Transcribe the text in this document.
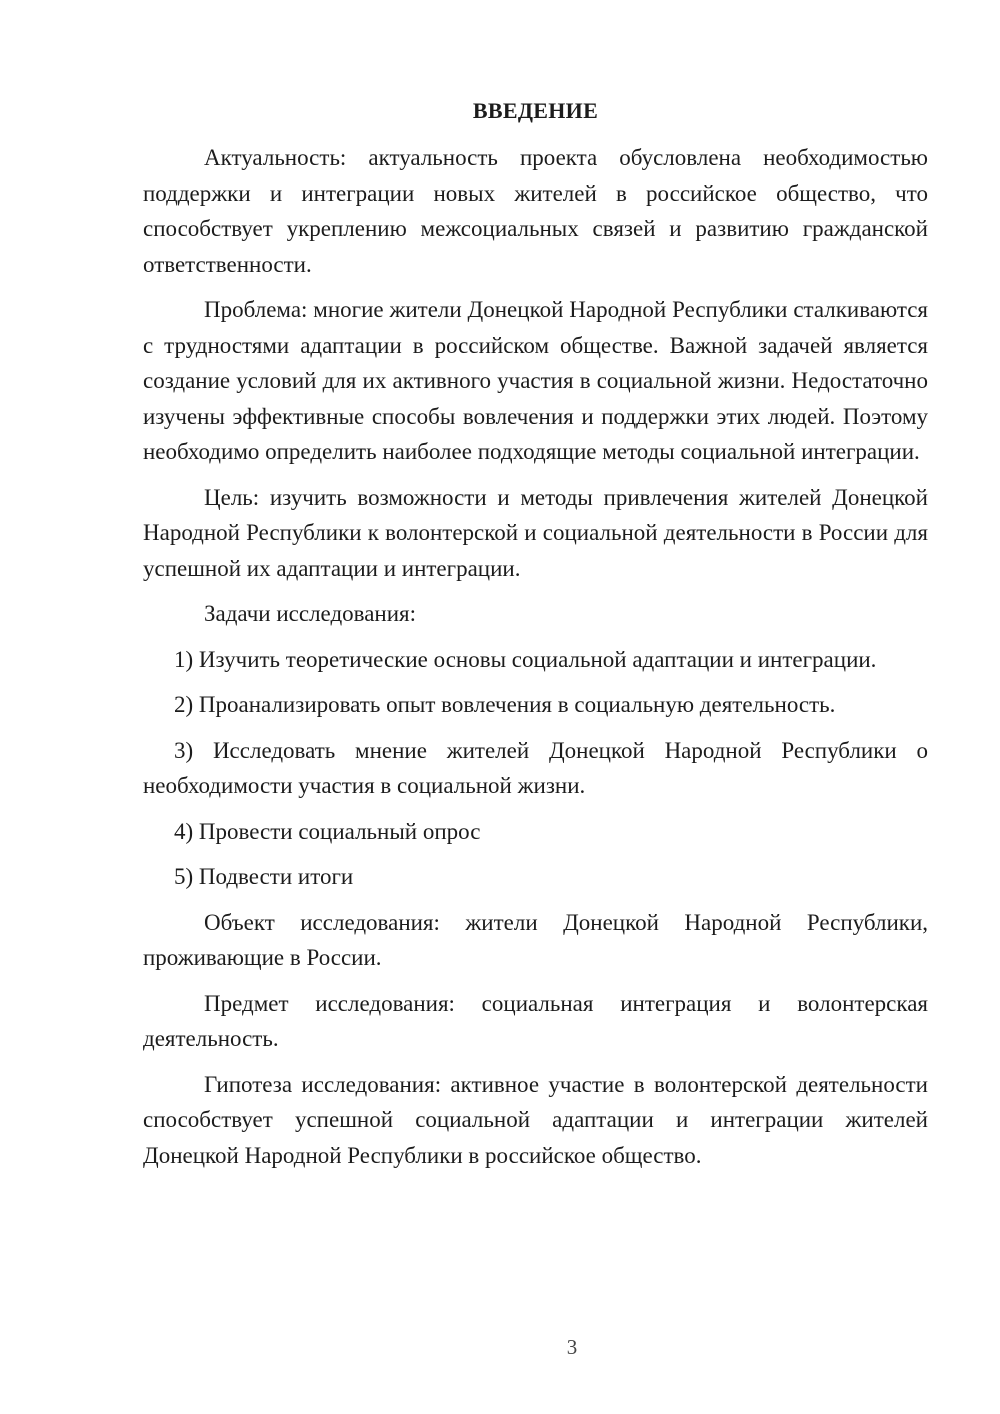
ВВЕДЕНИЕ

Актуальность: актуальность проекта обусловлена необходимостью поддержки и интеграции новых жителей в российское общество, что способствует укреплению межсоциальных связей и развитию гражданской ответственности.

Проблема: многие жители Донецкой Народной Республики сталкиваются с трудностями адаптации в российском обществе. Важной задачей является создание условий для их активного участия в социальной жизни. Недостаточно изучены эффективные способы вовлечения и поддержки этих людей. Поэтому необходимо определить наиболее подходящие методы социальной интеграции.

Цель: изучить возможности и методы привлечения жителей Донецкой Народной Республики к волонтерской и социальной деятельности в России для успешной их адаптации и интеграции.

Задачи исследования:

1) Изучить теоретические основы социальной адаптации и интеграции.

2) Проанализировать опыт вовлечения в социальную деятельность.

3) Исследовать мнение жителей Донецкой Народной Республики о необходимости участия в социальной жизни.

4) Провести социальный опрос

5) Подвести итоги

Объект исследования: жители Донецкой Народной Республики, проживающие в России.

Предмет исследования: социальная интеграция и волонтерская деятельность.

Гипотеза исследования: активное участие в волонтерской деятельности способствует успешной социальной адаптации и интеграции жителей Донецкой Народной Республики в российское общество.

3
